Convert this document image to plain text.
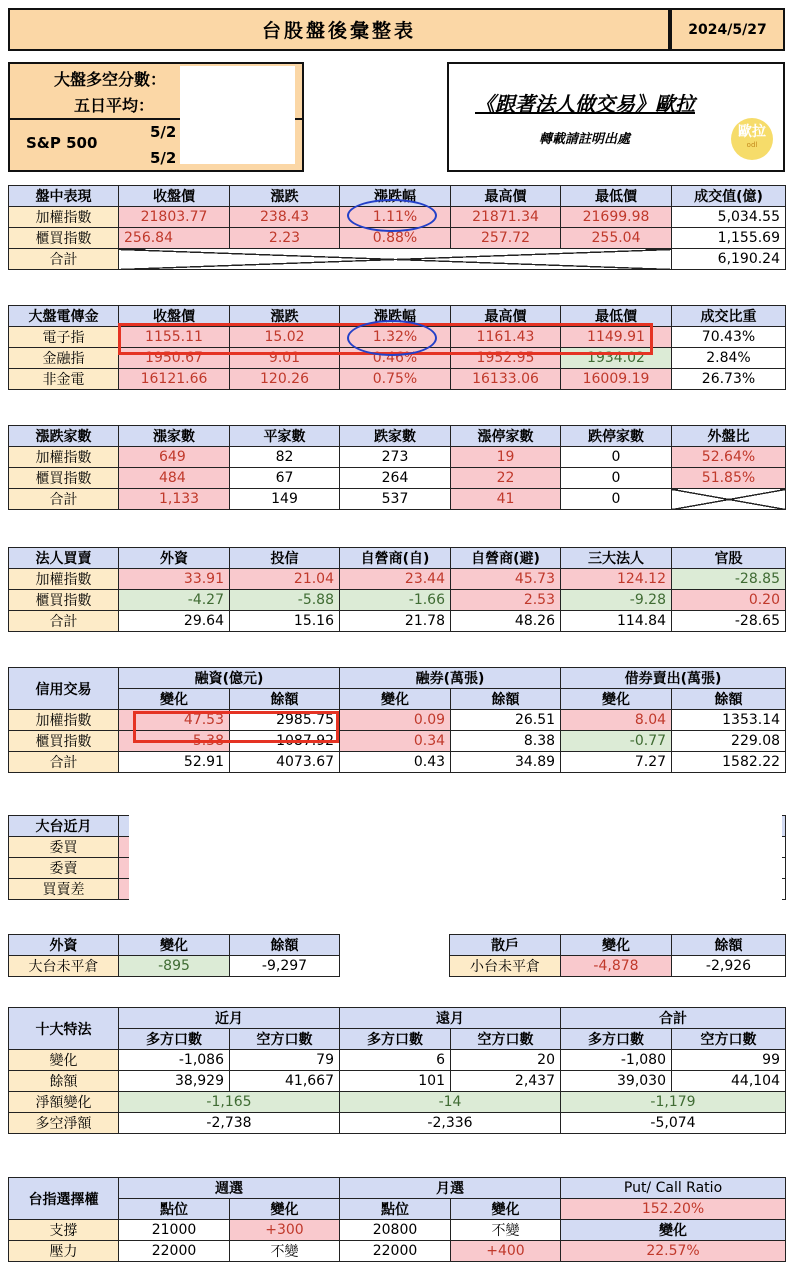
台股盤後彙整表	2024/5/27
大盤多空分數：
五日平均：
S&P 500
5/2
5/2
《跟著法人做交易》歐拉
轉載請註明出處	歐拉
odl
盤中表現	收盤價	漲跌	漲跌幅	最高價	最低價	成交值(億)
加權指數	21803.77	238.43	1.11%	21871.34	21699.98	5,034.55
櫃買指數	256.84	2.23	0.88%	257.72	255.04	1,155.69
合計						6,190.24
大盤電傳金	收盤價	漲跌	漲跌幅	最高價	最低價	成交比重
電子指	1155.11	15.02	1.32%	1161.43	1149.91	70.43%
金融指	1950.67	9.01	0.46%	1952.95	1934.02	2.84%
非金電	16121.66	120.26	0.75%	16133.06	16009.19	26.73%
漲跌家數	漲家數	平家數	跌家數	漲停家數	跌停家數	外盤比
加權指數	649	82	273	19	0	52.64%
櫃買指數	484	67	264	22	0	51.85%
合計	1,133	149	537	41	0	
法人買賣	外資	投信	自營商(自)	自營商(避)	三大法人	官股
加權指數	33.91	21.04	23.44	45.73	124.12	-28.85
櫃買指數	-4.27	-5.88	-1.66	2.53	-9.28	0.20
合計	29.64	15.16	21.78	48.26	114.84	-28.65
信用交易	融資(億元)		融券(萬張)		借券賣出(萬張)	
	變化	餘額	變化	餘額	變化	餘額
加權指數	47.53	2985.75	0.09	26.51	8.04	1353.14
櫃買指數	5.38	1087.92	0.34	8.38	-0.77	229.08
合計	52.91	4073.67	0.43	34.89	7.27	1582.22
大台近月						
委買						
委賣						
買賣差						
外資	變化	餘額
大台未平倉	-895	-9,297
散戶	變化	餘額
小台未平倉	-4,878	-2,926
十大特法	近月		遠月		合計	
	多方口數	空方口數	多方口數	空方口數	多方口數	空方口數
變化	-1,086	79	6	20	-1,080	99
餘額	38,929	41,667	101	2,437	39,030	44,104
淨額變化	-1,165		-14		-1,179	
多空淨額	-2,738		-2,336		-5,074	
台指選擇權	週選		月選		Put/ Call Ratio
	點位	變化	點位	變化	152.20%
支撐	21000	+300	20800	不變	變化
壓力	22000	不變	22000	+400	22.57%
